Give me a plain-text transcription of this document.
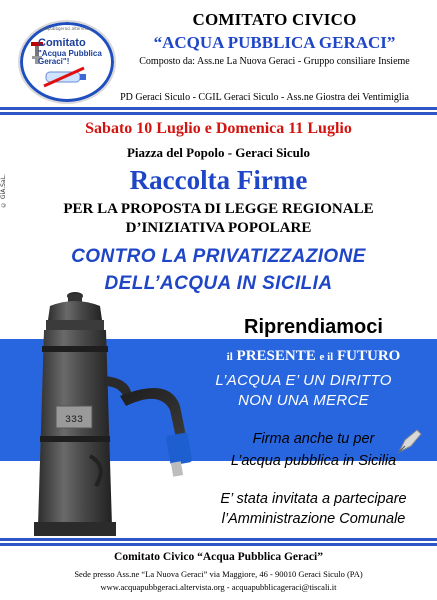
acquapubbgeraci.altervista.org
Comitato
"Acqua Pubblica
Geraci"!
COMITATO CIVICO
“ACQUA PUBBLICA GERACI”
Composto da: Ass.ne La Nuova Geraci - Gruppo consiliare Insieme
PD Geraci Siculo - CGIL Geraci Siculo - Ass.ne Giostra dei Ventimiglia
© GiA.SaL.
Sabato 10 Luglio e Domenica 11 Luglio
Piazza del Popolo - Geraci Siculo
Raccolta Firme
PER LA PROPOSTA DI LEGGE REGIONALE
D’INIZIATIVA POPOLARE
CONTRO LA PRIVATIZZAZIONE
DELL’ACQUA IN SICILIA
333
Riprendiamoci
il PRESENTE e il FUTURO
L’ACQUA E’ UN DIRITTO
NON UNA MERCE
Firma anche tu per
L’acqua pubblica in Sicilia
E’ stata invitata a partecipare
l’Amministrazione Comunale
Comitato Civico “Acqua Pubblica Geraci”
Sede presso Ass.ne “La Nuova Geraci” via Maggiore, 46 - 90010 Geraci Siculo (PA)
www.acquapubbgeraci.altervista.org - acquapubblicageraci@tiscali.it
